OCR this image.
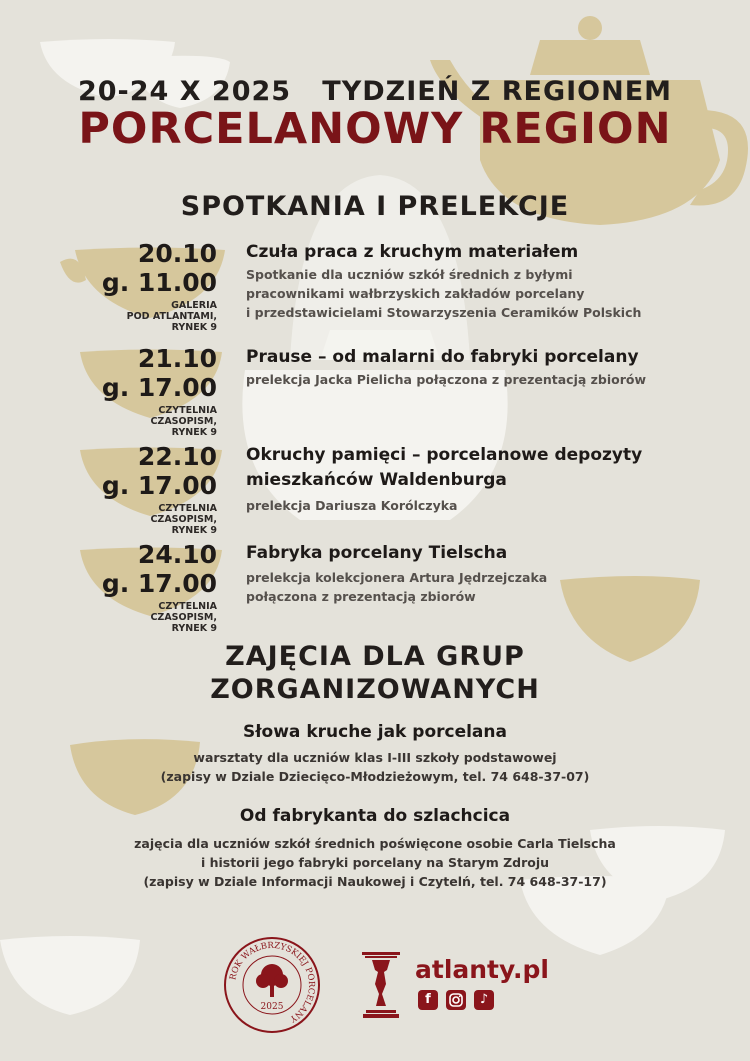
20-24 X 2025 TYDZIEŃ Z REGIONEM
PORCELANOWY REGION
SPOTKANIA I PRELEKCJE
20.10
g. 11.00
GALERIA
POD ATLANTAMI,
RYNEK 9
Czuła praca z kruchym materiałem
Spotkanie dla uczniów szkół średnich z byłymi
pracownikami wałbrzyskich zakładów porcelany
i przedstawicielami Stowarzyszenia Ceramików Polskich
21.10
g. 17.00
CZYTELNIA
CZASOPISM,
RYNEK 9
Prause – od malarni do fabryki porcelany
prelekcja Jacka Pielicha połączona z prezentacją zbiorów
22.10
g. 17.00
CZYTELNIA
CZASOPISM,
RYNEK 9
Okruchy pamięci – porcelanowe depozyty
mieszkańców Waldenburga
prelekcja Dariusza Korólczyka
24.10
g. 17.00
CZYTELNIA
CZASOPISM,
RYNEK 9
Fabryka porcelany Tielscha
prelekcja kolekcjonera Artura Jędrzejczaka
połączona z prezentacją zbiorów
ZAJĘCIA DLA GRUP
ZORGANIZOWANYCH
Słowa kruche jak porcelana
warsztaty dla uczniów klas I-III szkoły podstawowej
(zapisy w Dziale Dziecięco-Młodzieżowym, tel. 74 648-37-07)
Od fabrykanta do szlachcica
zajęcia dla uczniów szkół średnich poświęcone osobie Carla Tielscha
i historii jego fabryki porcelany na Starym Zdroju
(zapisy w Dziale Informacji Naukowej i Czytelń, tel. 74 648-37-17)
ROK WAŁBRZYSKIEJ PORCELANY
2025
atlanty.pl
f	♪
